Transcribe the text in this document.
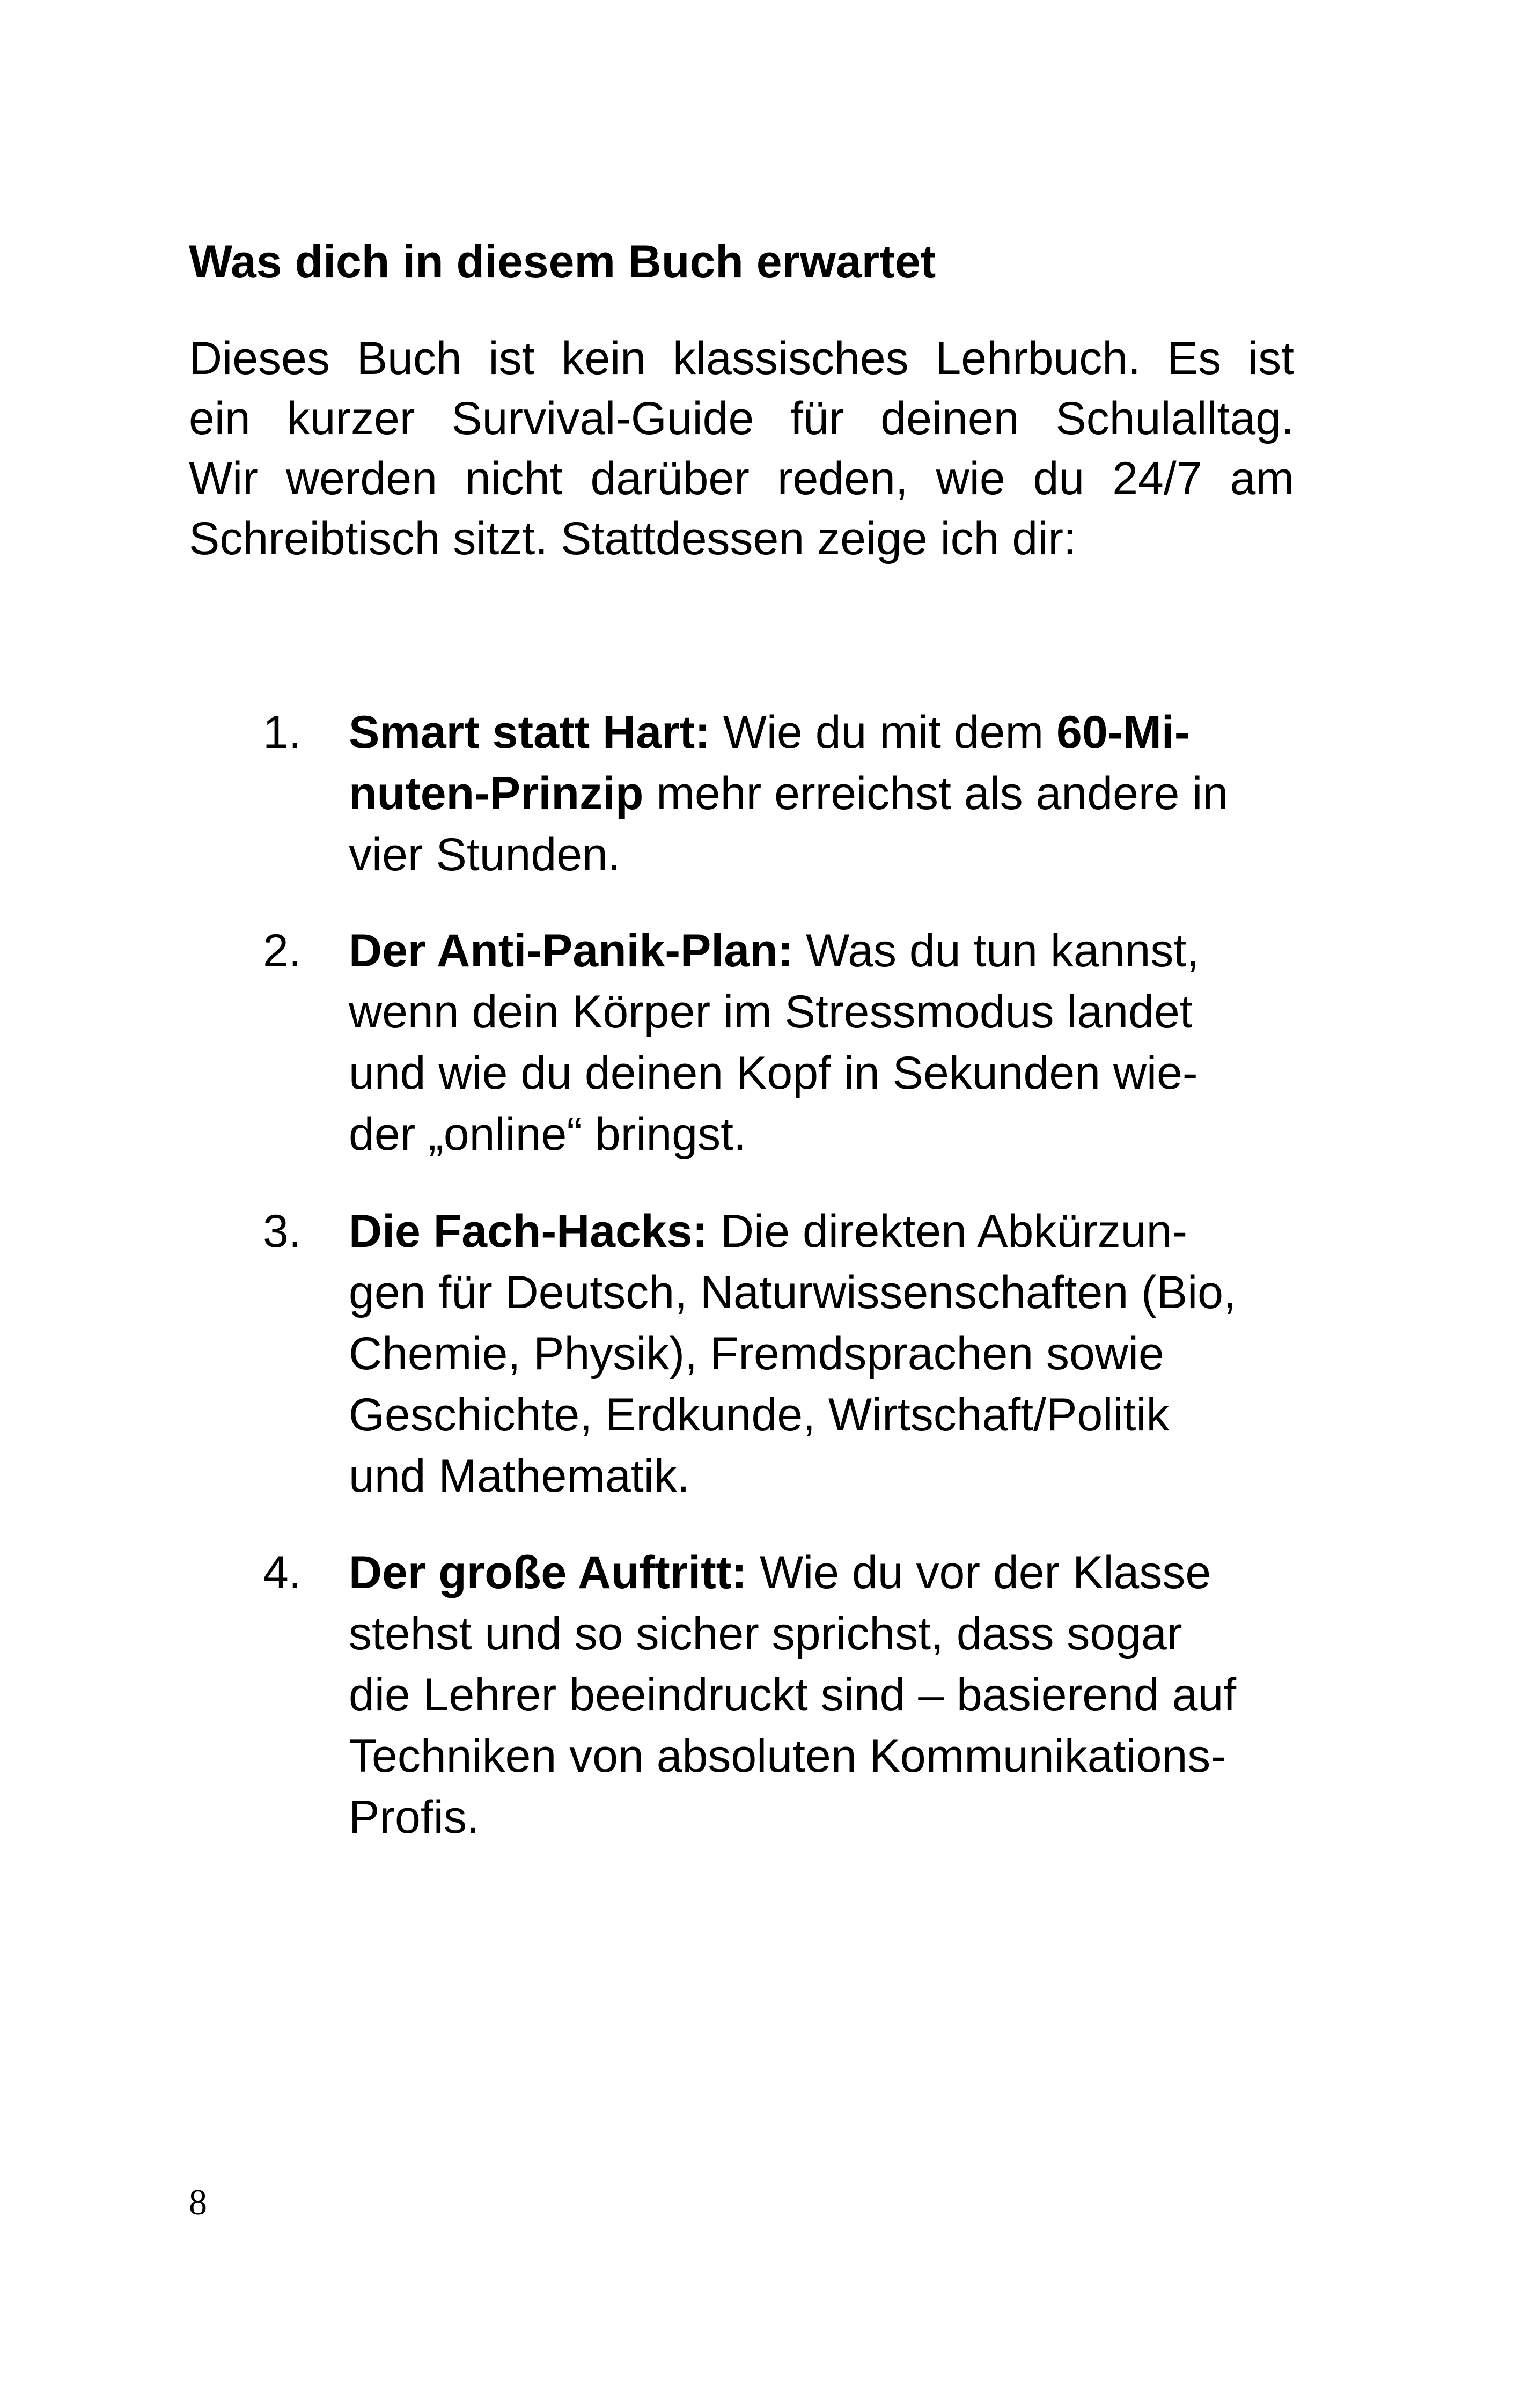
Was dich in diesem Buch erwartet
Dieses Buch ist kein klassisches Lehrbuch. Es ist
ein kurzer Survival-Guide für deinen Schulalltag.
Wir werden nicht darüber reden, wie du 24/7 am
Schreibtisch sitzt. Stattdessen zeige ich dir:
1.	Smart statt Hart: Wie du mit dem 60-Mi-
nuten-Prinzip mehr erreichst als andere in
vier Stunden.
2.	Der Anti-Panik-Plan: Was du tun kannst,
wenn dein Körper im Stressmodus landet
und wie du deinen Kopf in Sekunden wie-
der „online“ bringst.
3.	Die Fach-Hacks: Die direkten Abkürzun-
gen für Deutsch, Naturwissenschaften (Bio,
Chemie, Physik), Fremdsprachen sowie
Geschichte, Erdkunde, Wirtschaft/Politik
und Mathematik.
4.	Der große Auftritt: Wie du vor der Klasse
stehst und so sicher sprichst, dass sogar
die Lehrer beeindruckt sind – basierend auf
Techniken von absoluten Kommunikations-
Profis.
8
